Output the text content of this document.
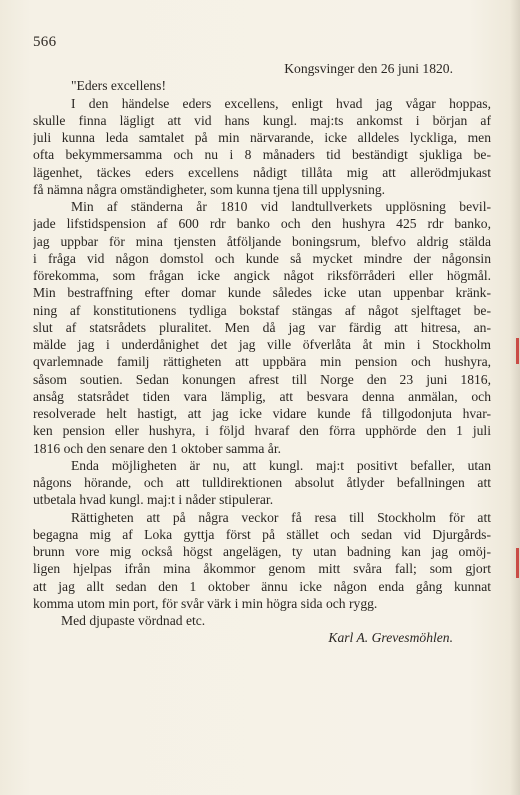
566
Kongsvinger den 26 juni 1820.
"Eders excellens!
I den händelse eders excellens, enligt hvad jag vågar hoppas,
skulle finna lägligt att vid hans kungl. maj:ts ankomst i början af
juli kunna leda samtalet på min närvarande, icke alldeles lyckliga, men
ofta bekymmersamma och nu i 8 månaders tid beständigt sjukliga be-
lägenhet, täckes eders excellens nådigt tillåta mig att allerödmjukast
få nämna några omständigheter, som kunna tjena till upplysning.
Min af ständerna år 1810 vid landtullverkets upplösning bevil-
jade lifstidspension af 600 rdr banko och den hushyra 425 rdr banko,
jag uppbar för mina tjensten åtföljande boningsrum, blefvo aldrig stälda
i fråga vid någon domstol och kunde så mycket mindre der någonsin
förekomma, som frågan icke angick något riksförråderi eller högmål.
Min bestraffning efter domar kunde således icke utan uppenbar kränk-
ning af konstitutionens tydliga bokstaf stängas af något sjelftaget be-
slut af statsrådets pluralitet. Men då jag var färdig att hitresa, an-
mälde jag i underdånighet det jag ville öfverlåta åt min i Stockholm
qvarlemnade familj rättigheten att uppbära min pension och hushyra,
såsom soutien. Sedan konungen afrest till Norge den 23 juni 1816,
ansåg statsrådet tiden vara lämplig, att besvara denna anmälan, och
resolverade helt hastigt, att jag icke vidare kunde få tillgodonjuta hvar-
ken pension eller hushyra, i följd hvaraf den förra upphörde den 1 juli
1816 och den senare den 1 oktober samma år.
Enda möjligheten är nu, att kungl. maj:t positivt befaller, utan
någons hörande, och att tulldirektionen absolut åtlyder befallningen att
utbetala hvad kungl. maj:t i nåder stipulerar.
Rättigheten att på några veckor få resa till Stockholm för att
begagna mig af Loka gyttja först på stället och sedan vid Djurgårds-
brunn vore mig också högst angelägen, ty utan badning kan jag omöj-
ligen hjelpas ifrån mina åkommor genom mitt svåra fall; som gjort
att jag allt sedan den 1 oktober ännu icke någon enda gång kunnat
komma utom min port, för svår värk i min högra sida och rygg.
Med djupaste vördnad etc.
Karl A. Grevesmöhlen.
